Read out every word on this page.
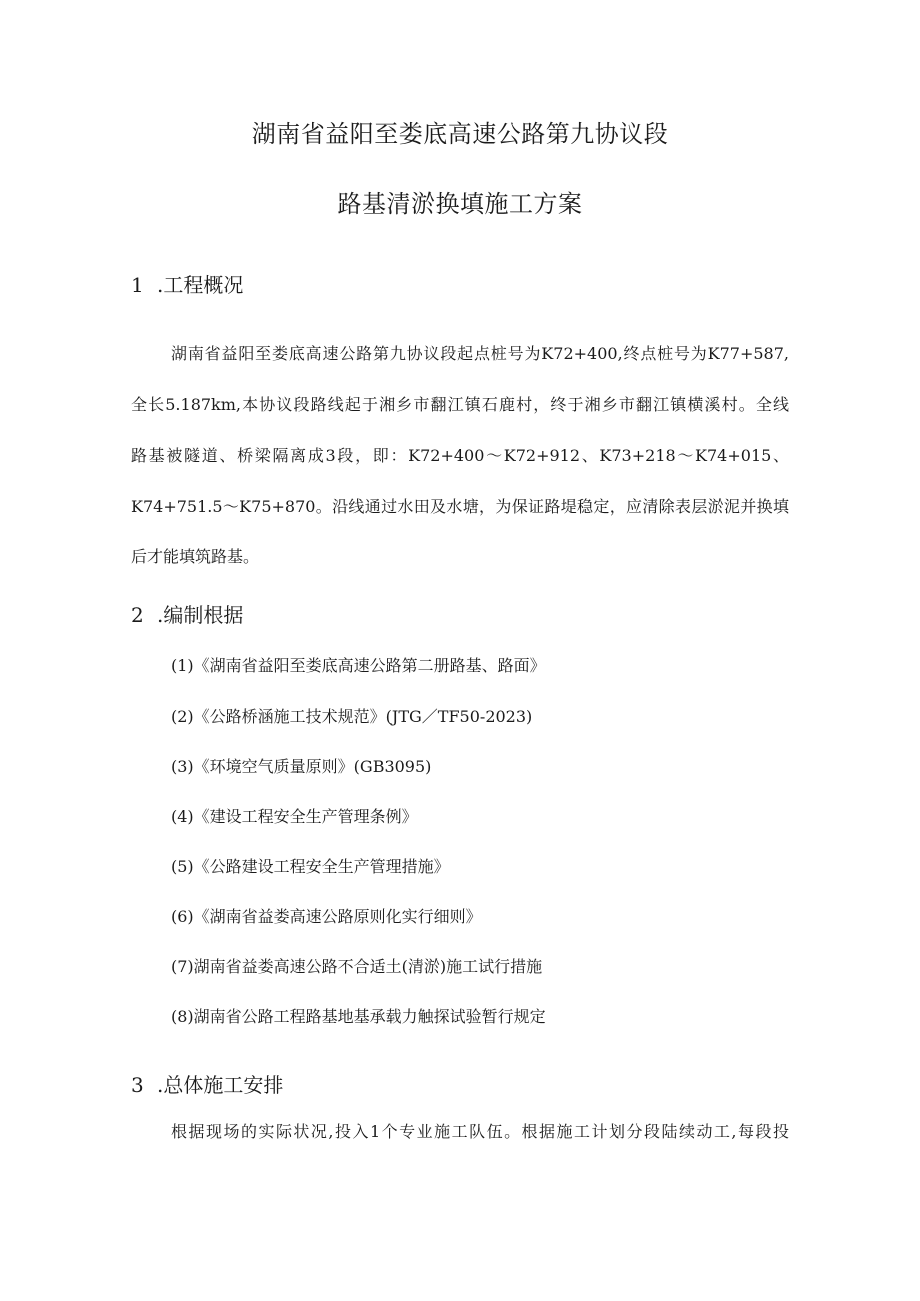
湖南省益阳至娄底高速公路第九协议段
路基清淤换填施工方案
1 .工程概况
湖南省益阳至娄底高速公路第九协议段起点桩号为K72+400,终点桩号为K77+587,
全长5.187km,本协议段路线起于湘乡市翻江镇石鹿村，终于湘乡市翻江镇横溪村。全线
路基被隧道、桥梁隔离成3段，即：K72+400～K72+912、K73+218～K74+015、
K74+751.5～K75+870。沿线通过水田及水塘，为保证路堤稳定，应清除表层淤泥并换填
后才能填筑路基。
2 .编制根据
(1)《湖南省益阳至娄底高速公路第二册路基、路面》
(2)《公路桥涵施工技术规范》(JTG／TF50-2023)
(3)《环境空气质量原则》(GB3095)
(4)《建设工程安全生产管理条例》
(5)《公路建设工程安全生产管理措施》
(6)《湖南省益娄高速公路原则化实行细则》
(7)湖南省益娄高速公路不合适土(清淤)施工试行措施
(8)湖南省公路工程路基地基承载力触探试验暂行规定
3 .总体施工安排
根据现场的实际状况,投入1个专业施工队伍。根据施工计划分段陆续动工,每段投
